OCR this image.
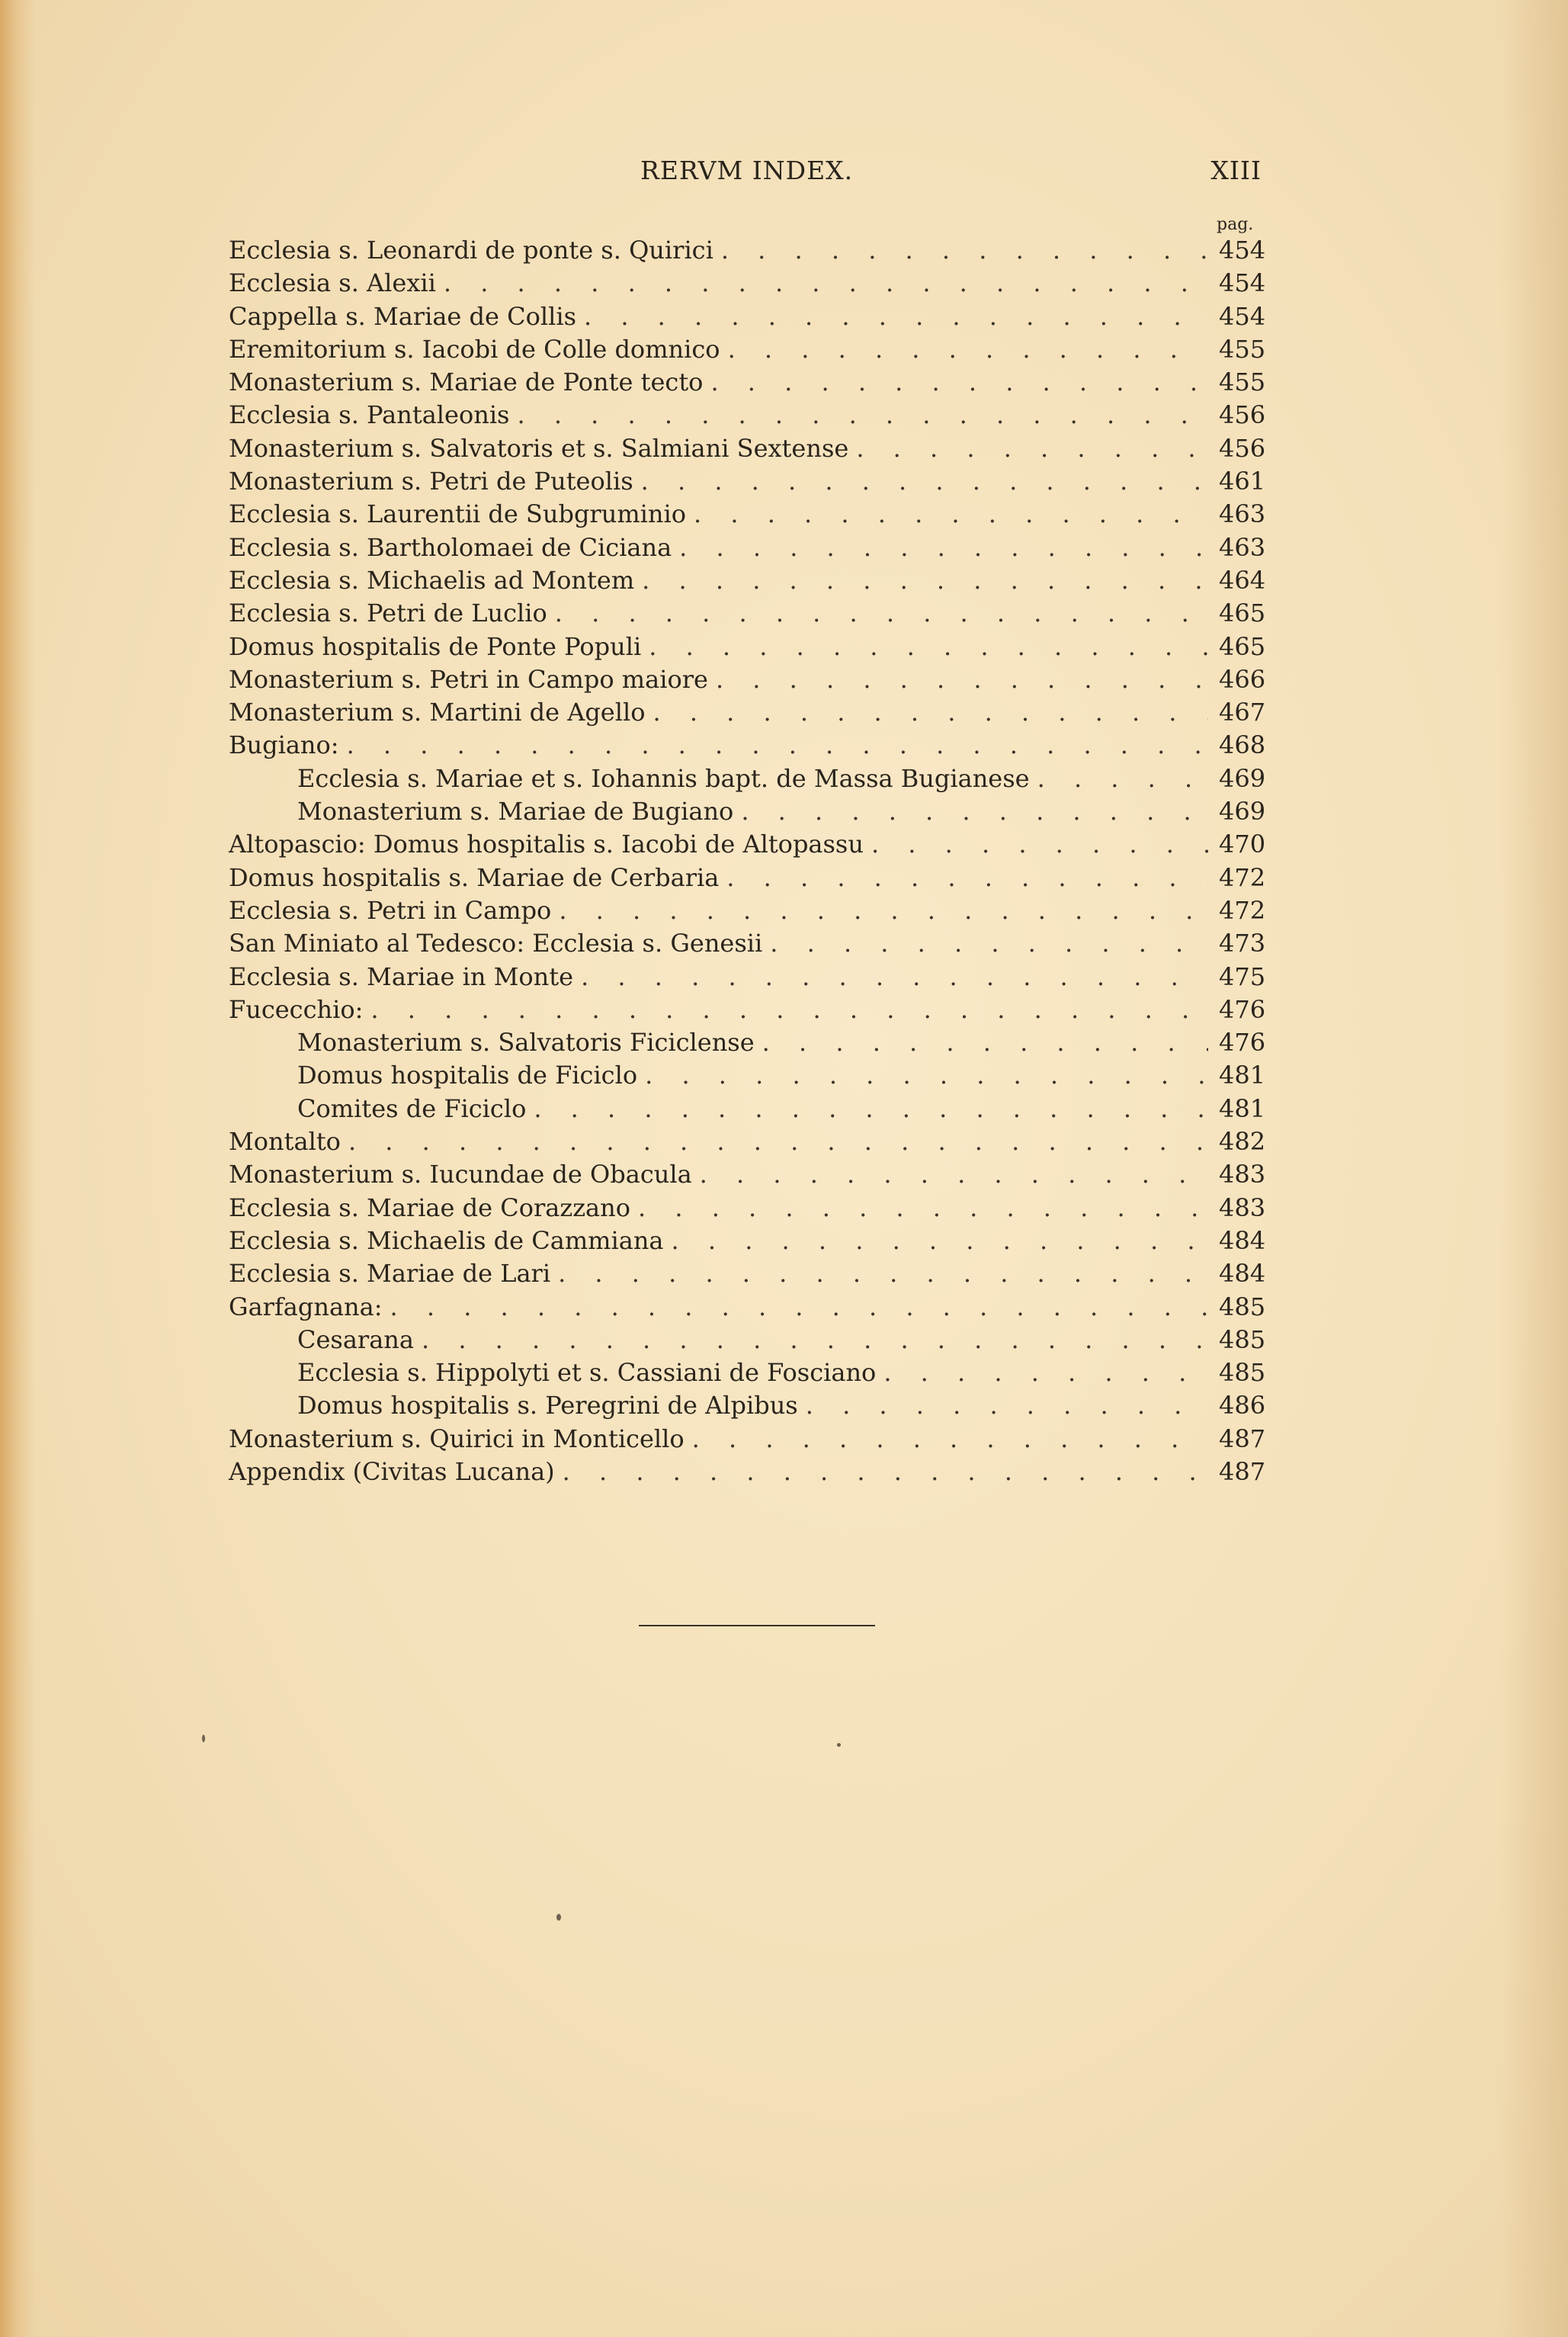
RERVM INDEX.	XIII
pag.
Ecclesia s. Leonardi de ponte s. Quirici . . .	454
Ecclesia s. Alexii . . .	454
Cappella s. Mariae de Collis . . .	454
Eremitorium s. Iacobi de Colle domnico . . .	455
Monasterium s. Mariae de Ponte tecto . . .	455
Ecclesia s. Pantaleonis . . .	456
Monasterium s. Salvatoris et s. Salmiani Sextense . . .	456
Monasterium s. Petri de Puteolis . . .	461
Ecclesia s. Laurentii de Subgruminio . . .	463
Ecclesia s. Bartholomaei de Ciciana . . .	463
Ecclesia s. Michaelis ad Montem . . .	464
Ecclesia s. Petri de Luclio . . .	465
Domus hospitalis de Ponte Populi . . .	465
Monasterium s. Petri in Campo maiore . . .	466
Monasterium s. Martini de Agello . . .	467
Bugiano: . . .	468
Ecclesia s. Mariae et s. Iohannis bapt. de Massa Bugianese . . .	469
Monasterium s. Mariae de Bugiano . . .	469
Altopascio: Domus hospitalis s. Iacobi de Altopassu . . .	470
Domus hospitalis s. Mariae de Cerbaria . . .	472
Ecclesia s. Petri in Campo . . .	472
San Miniato al Tedesco: Ecclesia s. Genesii . . .	473
Ecclesia s. Mariae in Monte . . .	475
Fucecchio: . . .	476
Monasterium s. Salvatoris Ficiclense . . .	476
Domus hospitalis de Ficiclo . . .	481
Comites de Ficiclo . . .	481
Montalto . . .	482
Monasterium s. Iucundae de Obacula . . .	483
Ecclesia s. Mariae de Corazzano . . .	483
Ecclesia s. Michaelis de Cammiana . . .	484
Ecclesia s. Mariae de Lari . . .	484
Garfagnana: . . .	485
Cesarana . . .	485
Ecclesia s. Hippolyti et s. Cassiani de Fosciano . . .	485
Domus hospitalis s. Peregrini de Alpibus . . .	486
Monasterium s. Quirici in Monticello . . .	487
Appendix (Civitas Lucana) . . .	487
